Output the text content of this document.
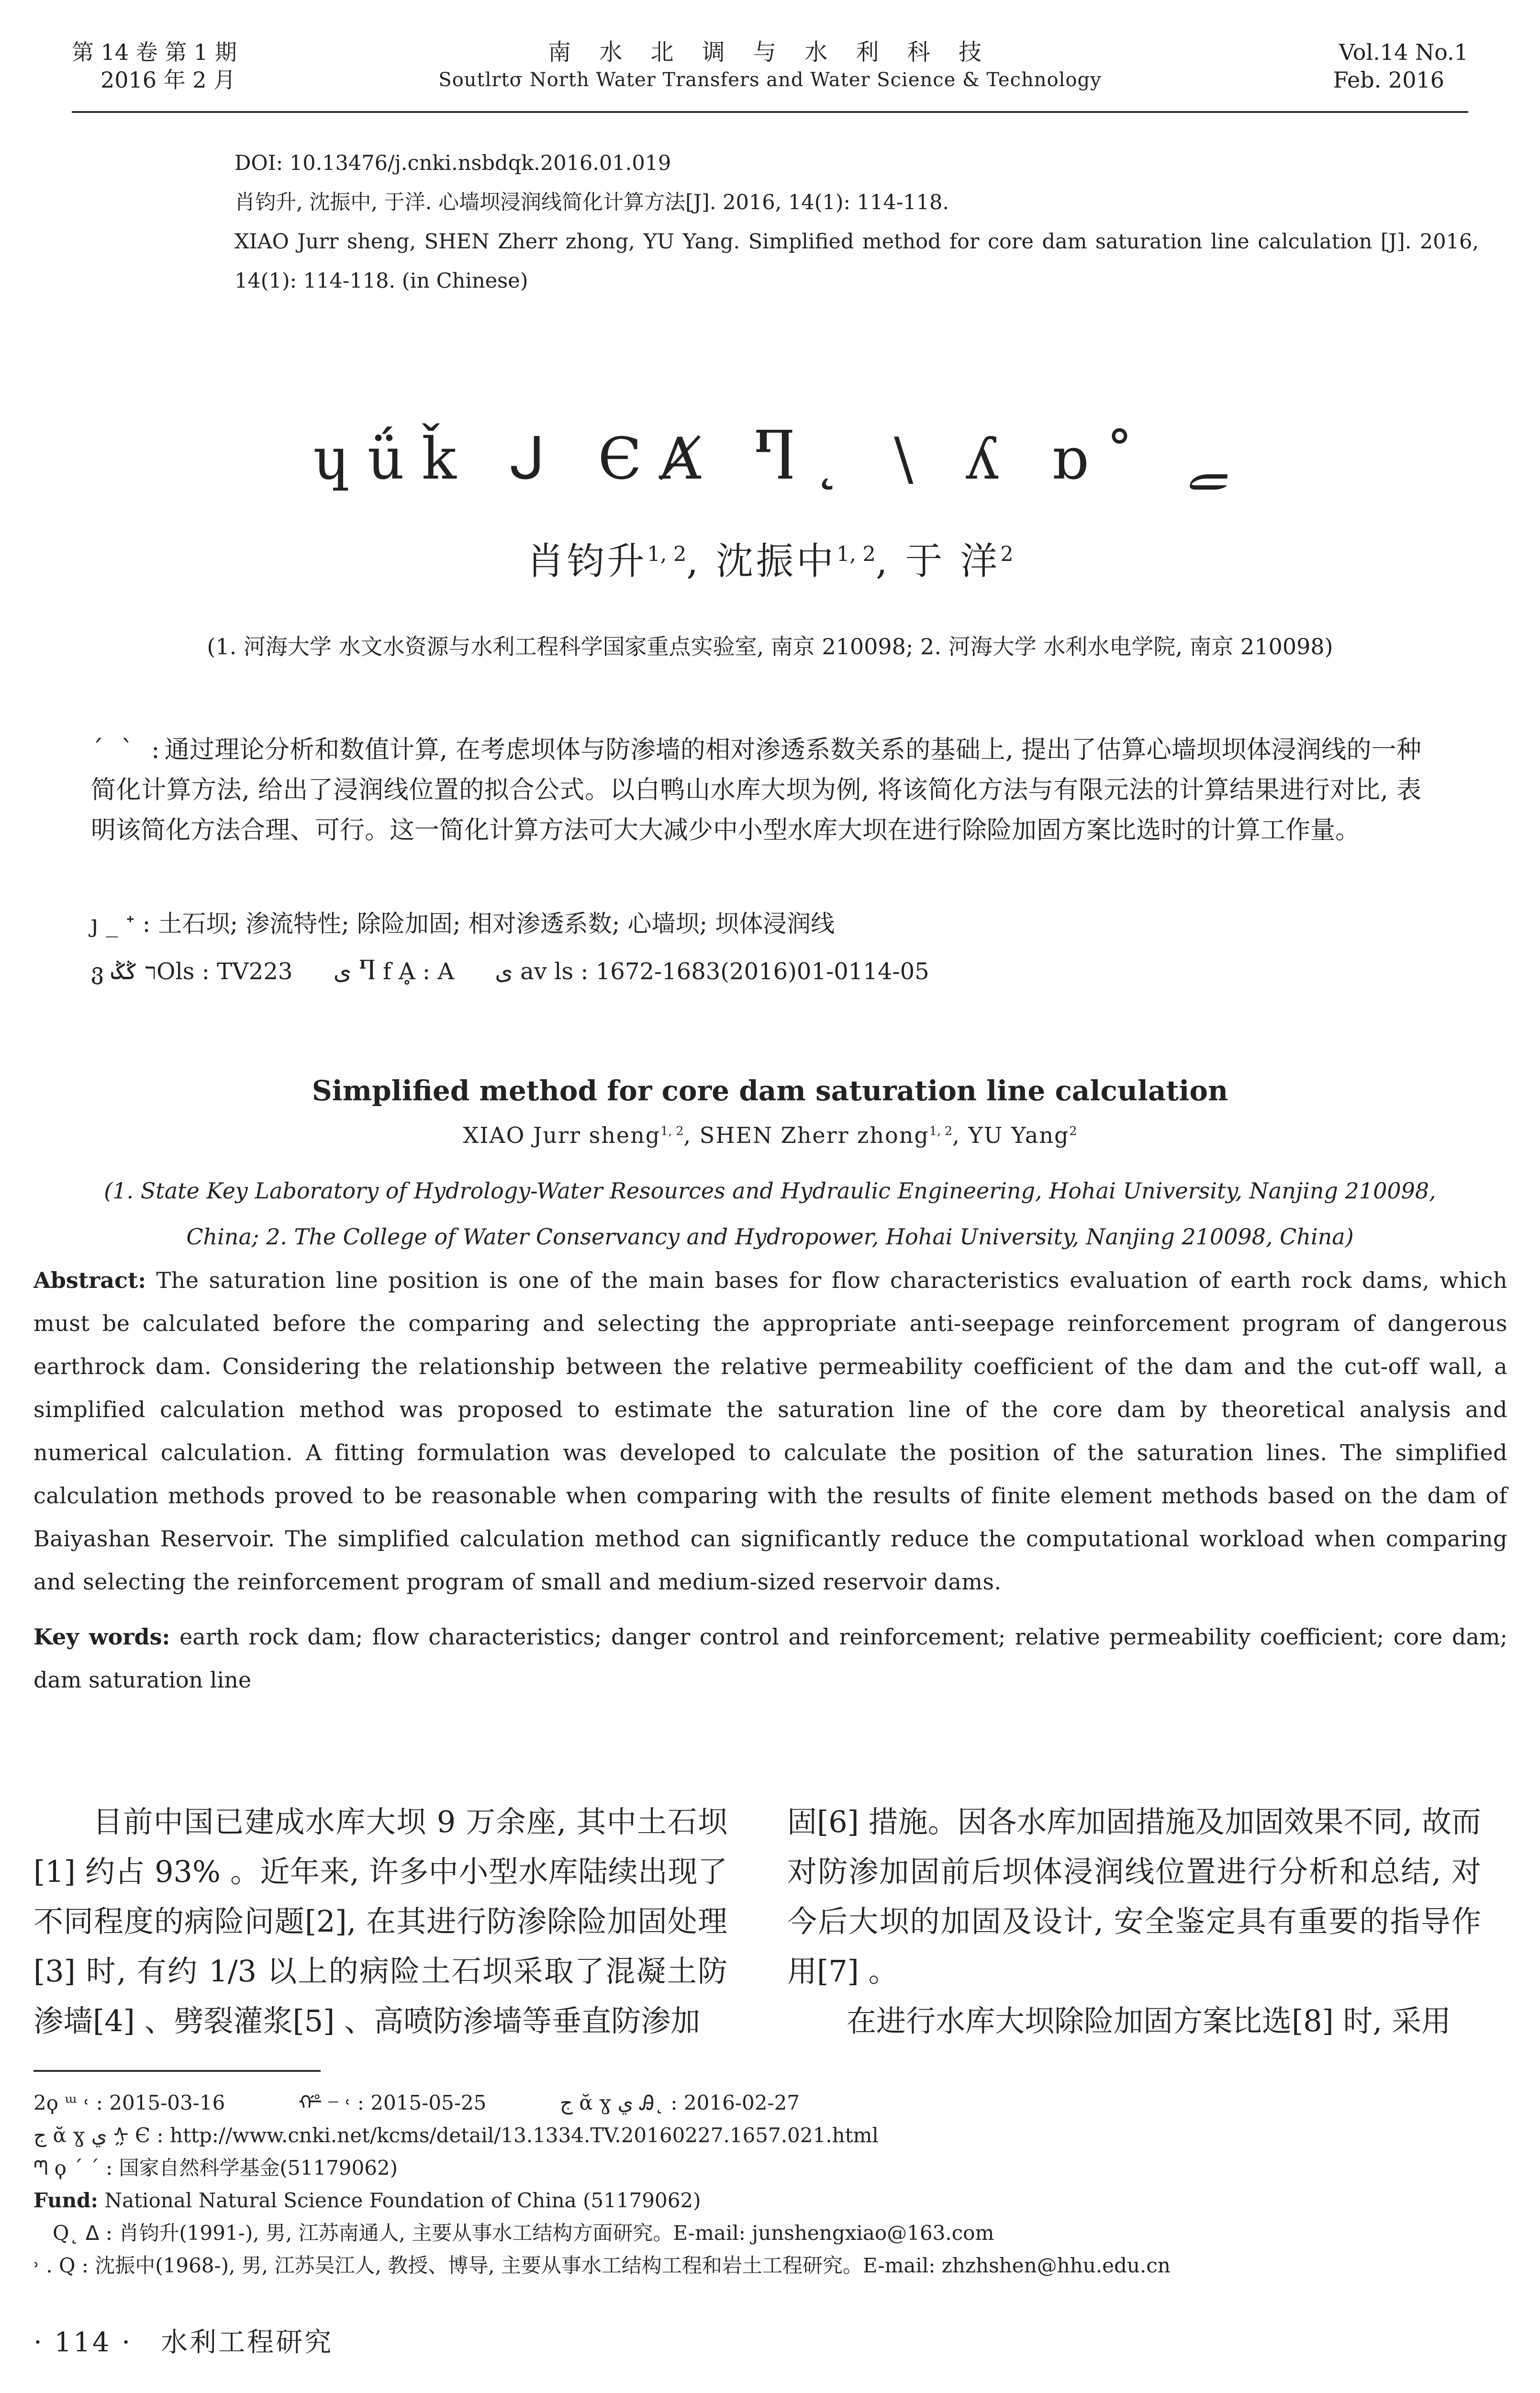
第 14 卷 第 1 期
2016 年 2 月
南 水 北 调 与 水 利 科 技
Soutlrtσ North Water Transfers and Water Science & Technology
Vol.14 No.1
Feb. 2016
DOI: 10.13476/j.cnki.nsbdqk.2016.01.019
肖钧升, 沈振中, 于洋. 心墙坝浸润线简化计算方法[J]. 2016, 14(1): 114-118.
XIAO Jurr sheng, SHEN Zherr zhong, YU Yang. Simplified method for core dam saturation line calculation [J]. 2016, 14(1): 114-118. (in Chinese)
ɥǘǩ ᒍ ЄȺ Ⴄ˛ \ ʎ ɒ˚ ﮯ
肖钧升$^{1, 2}$, 沈振中$^{1, 2}$, 于 洋$^2$
(1. 河海大学 水文水资源与水利工程科学国家重点实验室, 南京 210098; 2. 河海大学 水利水电学院, 南京 210098)
ˊ ˋ :通过理论分析和数值计算, 在考虑坝体与防渗墙的相对渗透系数关系的基础上, 提出了估算心墙坝坝体浸润线的一种简化计算方法, 给出了浸润线位置的拟合公式。以白鸭山水库大坝为例, 将该简化方法与有限元法的计算结果进行对比, 表明该简化方法合理、可行。这一简化计算方法可大大减少中小型水库大坝在进行除险加固方案比选时的计算工作量。
ȷ _ ᕀ : 土石坝; 渗流特性; 除险加固; 相对渗透系数; 心墙坝; 坝体浸润线
ვ ר ݣݣOls : TV223 ى Ⴄ f Ḁ : A ى av ls : 1672-1683(2016)01-0114-05
Simplified method for core dam saturation line calculation
XIAO Jurr sheng$^{1, 2}$, SHEN Zherr zhong$^{1, 2}$, YU Yang$^2$
(1. State Key Laboratory of Hydrology-Water Resources and Hydraulic Engineering, Hohai University, Nanjing 210098,
China; 2. The College of Water Conservancy and Hydropower, Hohai University, Nanjing 210098, China)
Abstract: The saturation line position is one of the main bases for flow characteristics evaluation of earth rock dams, which must be calculated before the comparing and selecting the appropriate anti-seepage reinforcement program of dangerous earthrock dam. Considering the relationship between the relative permeability coefficient of the dam and the cut-off wall, a simplified calculation method was proposed to estimate the saturation line of the core dam by theoretical analysis and numerical calculation. A fitting formulation was developed to calculate the position of the saturation lines. The simplified calculation methods proved to be reasonable when comparing with the results of finite element methods based on the dam of Baiyashan Reservoir. The simplified calculation method can significantly reduce the computational workload when comparing and selecting the reinforcement program of small and medium-sized reservoir dams.
Key words: earth rock dam; flow characteristics; danger control and reinforcement; relative permeability coefficient; core dam; dam saturation line

目前中国已建成水库大坝 9 万余座, 其中土石坝[1] 约占 93% 。近年来, 许多中小型水库陆续出现了不同程度的病险问题[2], 在其进行防渗除险加固处理[3] 时, 有约 1/3 以上的病险土石坝采取了混凝土防渗墙[4] 、劈裂灌浆[5] 、高喷防渗墙等垂直防渗加

固[6] 措施。因各水库加固措施及加固效果不同, 故而对防渗加固前后坝体浸润线位置进行分析和总结, 对今后大坝的加固及设计, 安全鉴定具有重要的指导作用[7] 。

在进行水库大坝除险加固方案比选[8] 时, 采用

2ϙ ᵚ ˓ : 2015-03-16	ᢚ ᜭ ˓ : 2015-05-25	ج ᾰ ɣ ي Ꭿ˛ : 2016-02-27
ج ᾰ ɣ ي ᢢ Є : http://www.cnki.net/kcms/detail/13.1334.TV.20160227.1657.021.html
ᘉ ϙ ˊ ˊ : 国家自然科学基金(51179062)
Fund: National Natural Science Foundation of China (51179062)
Q˛ ᐃ : 肖钧升(1991-), 男, 江苏南通人, 主要从事水工结构方面研究。E-mail: junshengxiao@163.com
˒ . Q : 沈振中(1968-), 男, 江苏吴江人, 教授、博导, 主要从事水工结构工程和岩土工程研究。E-mail: zhzhshen@hhu.edu.cn
· 114 · 水利工程研究
